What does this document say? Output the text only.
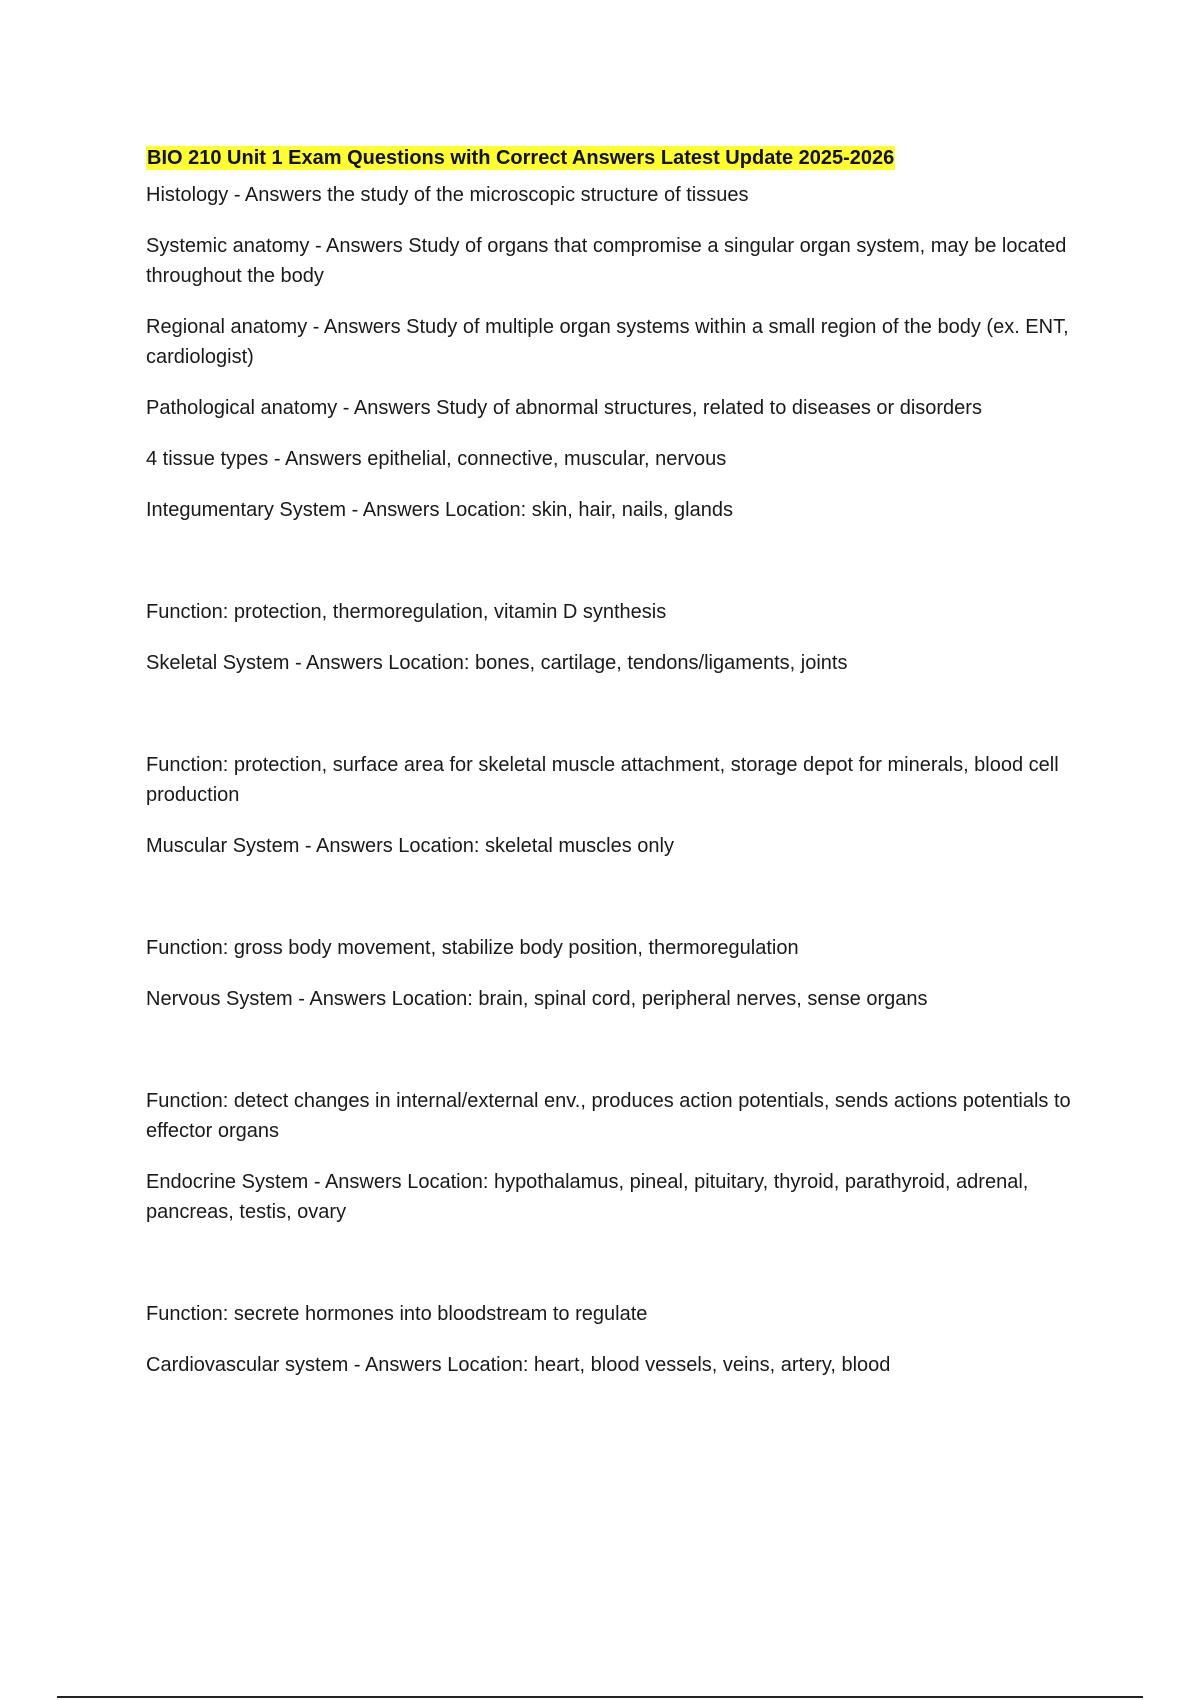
BIO 210 Unit 1 Exam Questions with Correct Answers Latest Update 2025-2026
Histology - Answers the study of the microscopic structure of tissues
Systemic anatomy - Answers Study of organs that compromise a singular organ system, may be located throughout the body
Regional anatomy - Answers Study of multiple organ systems within a small region of the body (ex. ENT, cardiologist)
Pathological anatomy - Answers Study of abnormal structures, related to diseases or disorders
4 tissue types - Answers epithelial, connective, muscular, nervous
Integumentary System - Answers Location: skin, hair, nails, glands
Function: protection, thermoregulation, vitamin D synthesis
Skeletal System - Answers Location: bones, cartilage, tendons/ligaments, joints
Function: protection, surface area for skeletal muscle attachment, storage depot for minerals, blood cell production
Muscular System - Answers Location: skeletal muscles only
Function: gross body movement, stabilize body position, thermoregulation
Nervous System - Answers Location: brain, spinal cord, peripheral nerves, sense organs
Function: detect changes in internal/external env., produces action potentials, sends actions potentials to effector organs
Endocrine System - Answers Location: hypothalamus, pineal, pituitary, thyroid, parathyroid, adrenal, pancreas, testis, ovary
Function: secrete hormones into bloodstream to regulate
Cardiovascular system - Answers Location: heart, blood vessels, veins, artery, blood
